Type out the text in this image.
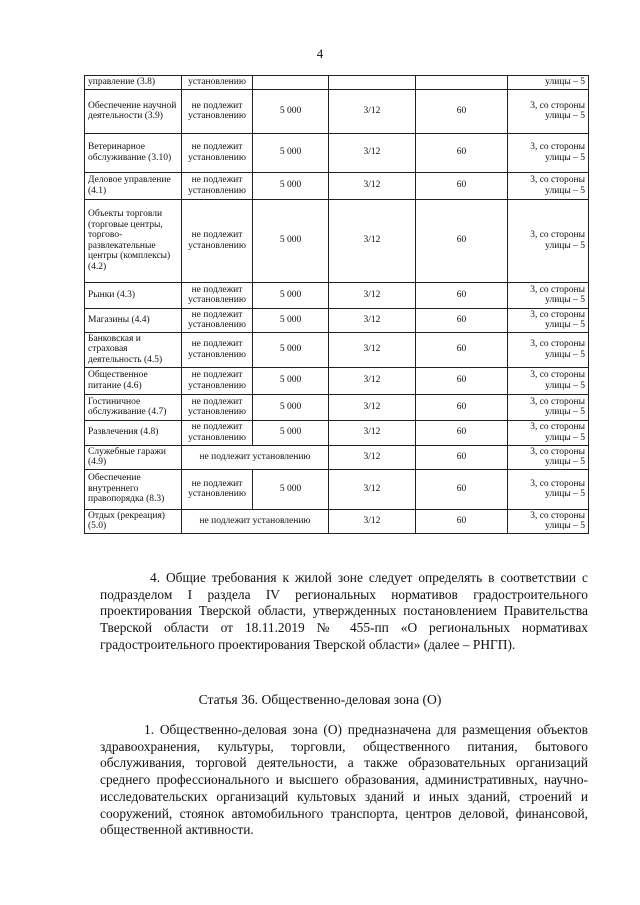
4
управление (3.8)	установлению				улицы – 5
Обеспечение научной деятельности (3.9)	не подлежит установлению	5 000	3/12	60	3, со стороны улицы – 5
Ветеринарное обслуживание (3.10)	не подлежит установлению	5 000	3/12	60	3, со стороны улицы – 5
Деловое управление (4.1)	не подлежит установлению	5 000	3/12	60	3, со стороны улицы – 5
Объекты торговли (торговые центры, торгово-развлекательные центры (комплексы) (4.2)	не подлежит установлению	5 000	3/12	60	3, со стороны улицы – 5
Рынки (4.3)	не подлежит установлению	5 000	3/12	60	3, со стороны улицы – 5
Магазины (4.4)	не подлежит установлению	5 000	3/12	60	3, со стороны улицы – 5
Банковская и страховая деятельность (4.5)	не подлежит установлению	5 000	3/12	60	3, со стороны улицы – 5
Общественное питание (4.6)	не подлежит установлению	5 000	3/12	60	3, со стороны улицы – 5
Гостиничное обслуживание (4.7)	не подлежит установлению	5 000	3/12	60	3, со стороны улицы – 5
Развлечения (4.8)	не подлежит установлению	5 000	3/12	60	3, со стороны улицы – 5
Служебные гаражи (4.9)	не подлежит установлению		3/12	60	3, со стороны улицы – 5
Обеспечение внутреннего правопорядка (8.3)	не подлежит установлению	5 000	3/12	60	3, со стороны улицы – 5
Отдых (рекреация) (5.0)	не подлежит установлению		3/12	60	3, со стороны улицы – 5

4. Общие требования к жилой зоне следует определять в соответствии с подразделом I раздела IV региональных нормативов градостроительного проектирования Тверской области, утвержденных постановлением Правительства Тверской области от 18.11.2019 № 455-пп «О региональных нормативах градостроительного проектирования Тверской области» (далее – РНГП).

Статья 36. Общественно-деловая зона (О)

1. Общественно-деловая зона (О) предназначена для размещения объектов здравоохранения, культуры, торговли, общественного питания, бытового обслуживания, торговой деятельности, а также образовательных организаций среднего профессионального и высшего образования, административных, научно-исследовательских организаций культовых зданий и иных зданий, строений и сооружений, стоянок автомобильного транспорта, центров деловой, финансовой, общественной активности.
